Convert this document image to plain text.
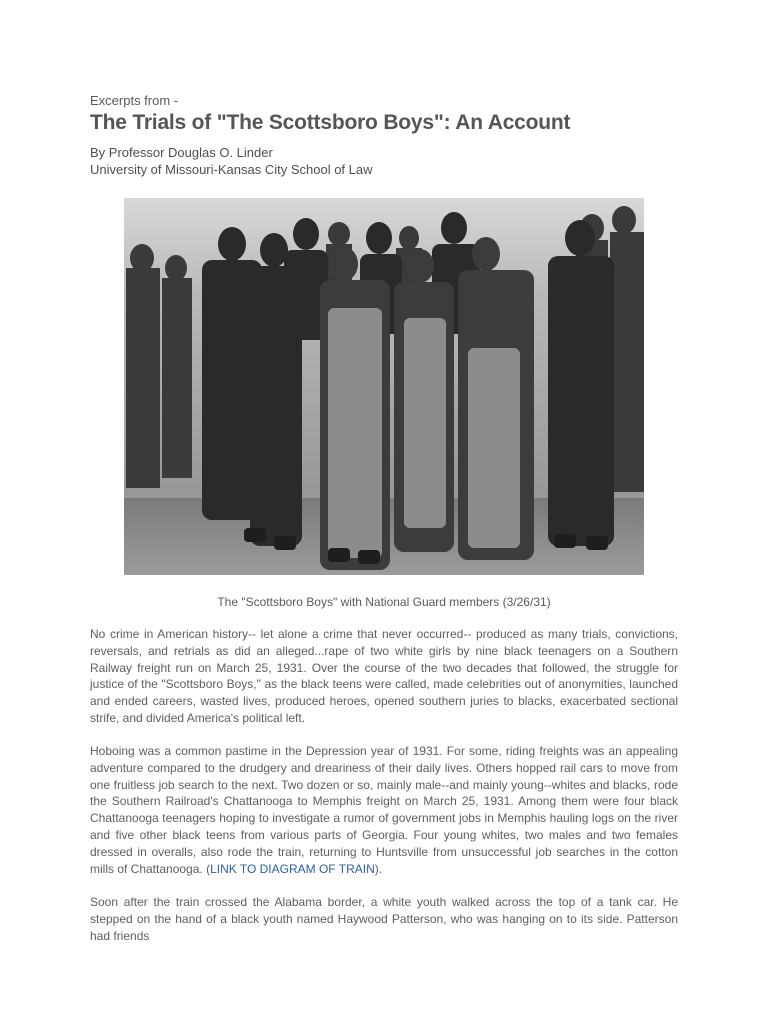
Excerpts from -
The Trials of "The Scottsboro Boys": An Account
By Professor Douglas O. Linder
University of Missouri-Kansas City School of Law
The "Scottsboro Boys" with National Guard members (3/26/31)

No crime in American history-- let alone a crime that never occurred-- produced as many trials, convictions, reversals, and retrials as did an alleged...rape of two white girls by nine black teenagers on a Southern Railway freight run on March 25, 1931. Over the course of the two decades that followed, the struggle for justice of the "Scottsboro Boys," as the black teens were called, made celebrities out of anonymities, launched and ended careers, wasted lives, produced heroes, opened southern juries to blacks, exacerbated sectional strife, and divided America's political left.

Hoboing was a common pastime in the Depression year of 1931. For some, riding freights was an appealing adventure compared to the drudgery and dreariness of their daily lives. Others hopped rail cars to move from one fruitless job search to the next. Two dozen or so, mainly male--and mainly young--whites and blacks, rode the Southern Railroad's Chattanooga to Memphis freight on March 25, 1931. Among them were four black Chattanooga teenagers hoping to investigate a rumor of government jobs in Memphis hauling logs on the river and five other black teens from various parts of Georgia. Four young whites, two males and two females dressed in overalls, also rode the train, returning to Huntsville from unsuccessful job searches in the cotton mills of Chattanooga. (LINK TO DIAGRAM OF TRAIN).

Soon after the train crossed the Alabama border, a white youth walked across the top of a tank car. He stepped on the hand of a black youth named Haywood Patterson, who was hanging on to its side. Patterson had friends
